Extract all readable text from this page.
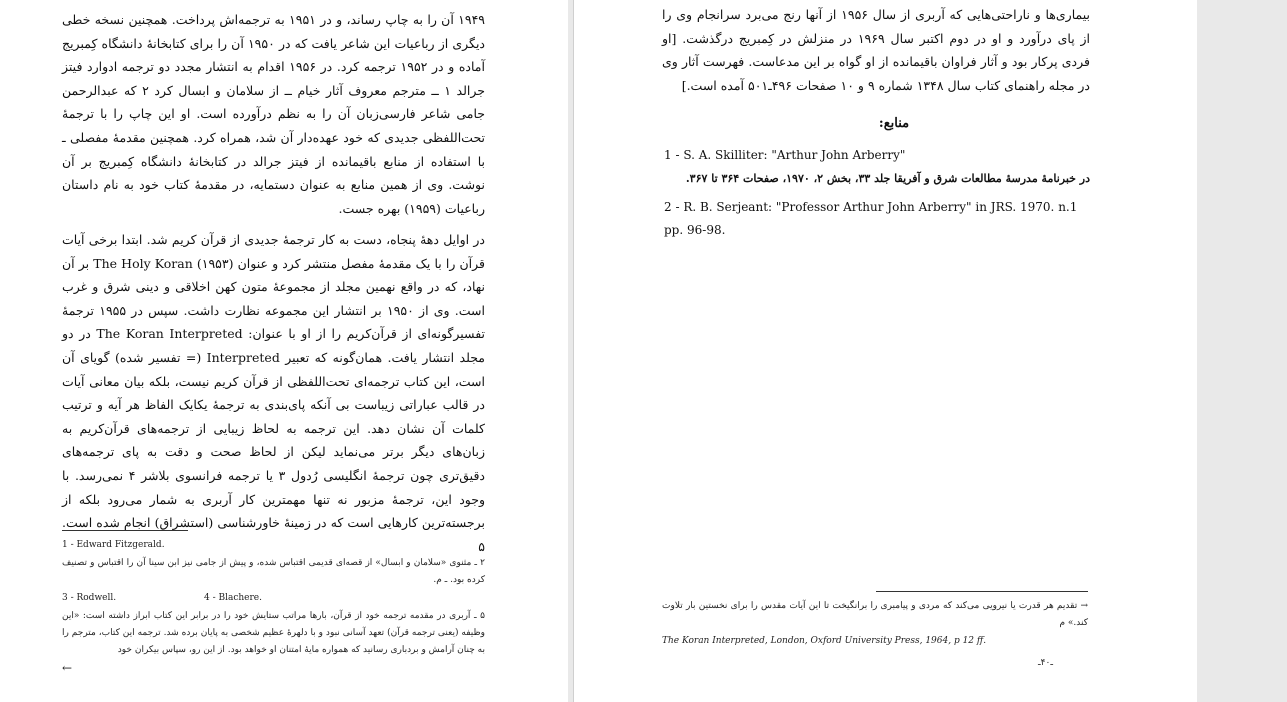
۱۹۴۹ آن را به چاپ رساند، و در ۱۹۵۱ به ترجمه‌اش پرداخت. همچنین نسخه خطی دیگری از رباعیات این شاعر یافت که در ۱۹۵۰ آن را برای کتابخانهٔ دانشگاه کِمبریج آماده و در ۱۹۵۲ ترجمه کرد. در ۱۹۵۶ اقدام به انتشار مجدد دو ترجمه ادوارد فیتز جرالد ۱ ــ مترجم معروف آثار خیام ــ از سلامان و ابسال کرد ۲ که عبدالرحمن جامی شاعر فارسی‌زبان آن را به نظم درآورده است. او این چاپ را با ترجمهٔ تحت‌اللفظی جدیدی که خود عهده‌دار آن شد، همراه کرد. همچنین مقدمهٔ مفصلی ـ با استفاده از منابع باقیمانده از فیتز جرالد در کتابخانهٔ دانشگاه کِمبریج بر آن نوشت. وی از همین منابع به عنوان دستمایه، در مقدمهٔ کتاب خود به نام داستان رباعیات (۱۹۵۹) بهره جست.
در اوایل دههٔ پنجاه، دست به کار ترجمهٔ جدیدی از قرآن کریم شد. ابتدا برخی آیات قرآن را با یک مقدمهٔ مفصل منتشر کرد و عنوان The Holy Koran (۱۹۵۳) بر آن نهاد، که در واقع نهمین مجلد از مجموعهٔ متون کهن اخلاقی و دینی شرق و غرب است. وی از ۱۹۵۰ بر انتشار این مجموعه نظارت داشت. سپس در ۱۹۵۵ ترجمهٔ تفسیرگونه‌ای از قرآن‌کریم را از او با عنوان: The Koran Interpreted در دو مجلد انتشار یافت. همان‌گونه که تعبیر Interpreted (= تفسیر شده) گویای آن است، این کتاب ترجمه‌ای تحت‌اللفظی از قرآن کریم نیست، بلکه بیان معانی آیات در قالب عباراتی زیباست بی آنکه پای‌بندی به ترجمهٔ یکایک الفاظ هر آیه و ترتیب کلمات آن نشان دهد. این ترجمه به لحاظ زیبایی از ترجمه‌های قرآن‌کریم به زبان‌های دیگر برتر می‌نماید لیکن از لحاظ صحت و دقت به پای ترجمه‌های دقیق‌تری چون ترجمهٔ انگلیسی رُدول ۳ یا ترجمه فرانسوی بلاشر ۴ نمی‌رسد. با وجود این، ترجمهٔ مزبور نه تنها مهمترین کار آربری به شمار می‌رود بلکه از برجسته‌ترین کارهایی است که در زمینهٔ خاورشناسی (استشراق) انجام شده است. ۵
1 - Edward Fitzgerald.
۲ ـ مثنوی «سلامان و ابسال» از قصه‌ای قدیمی اقتباس شده، و پیش از جامی نیز ابن سینا آن را اقتباس و تصنیف کرده بود. ـ م.
3 - Rodwell.	4 - Blachere.
۵ ـ آربری در مقدمه ترجمه خود از قرآن، بارها مراتب ستایش خود را در برابر این کتاب ابراز داشته است: «این وظیفه (یعنی ترجمه قرآن) تعهد آسانی نبود و با دلهرهٔ عظیم شخصی به پایان برده شد. ترجمه این کتاب، مترجم را به چنان آرامش و بردباری رسانید که همواره مایهٔ امتنان او خواهد بود. از این رو، سپاس بیکران خود
←
بیماری‌ها و ناراحتی‌هایی که آربری از سال ۱۹۵۶ از آنها رنج می‌برد سرانجام وی را از پای درآورد و او در دوم اکتبر سال ۱۹۶۹ در منزلش در کِمبریج درگذشت. [او فردی پرکار بود و آثار فراوان باقیمانده از او گواه بر این مدعاست. فهرست آثار وی در مجله راهنمای کتاب سال ۱۳۴۸ شماره ۹ و ۱۰ صفحات ۴۹۶ـ۵۰۱ آمده است.]
منابع:
1 - S. A. Skilliter: "Arthur John Arberry"
در خبرنامهٔ مدرسهٔ مطالعات شرق و آفریقا جلد ۳۳، بخش ۲، ۱۹۷۰، صفحات ۳۶۴ تا ۳۶۷.
2 - R. B. Serjeant: "Professor Arthur John Arberry" in JRS. 1970. n.1 pp. 96-98.
→ تقدیم هر قدرت یا نیرویی می‌کند که مردی و پیامبری را برانگیخت تا این آیات مقدس را برای نخستین بار تلاوت کند.» م
The Koran Interpreted, London, Oxford University Press, 1964, p 12 ff.
ـ۴۰ـ
